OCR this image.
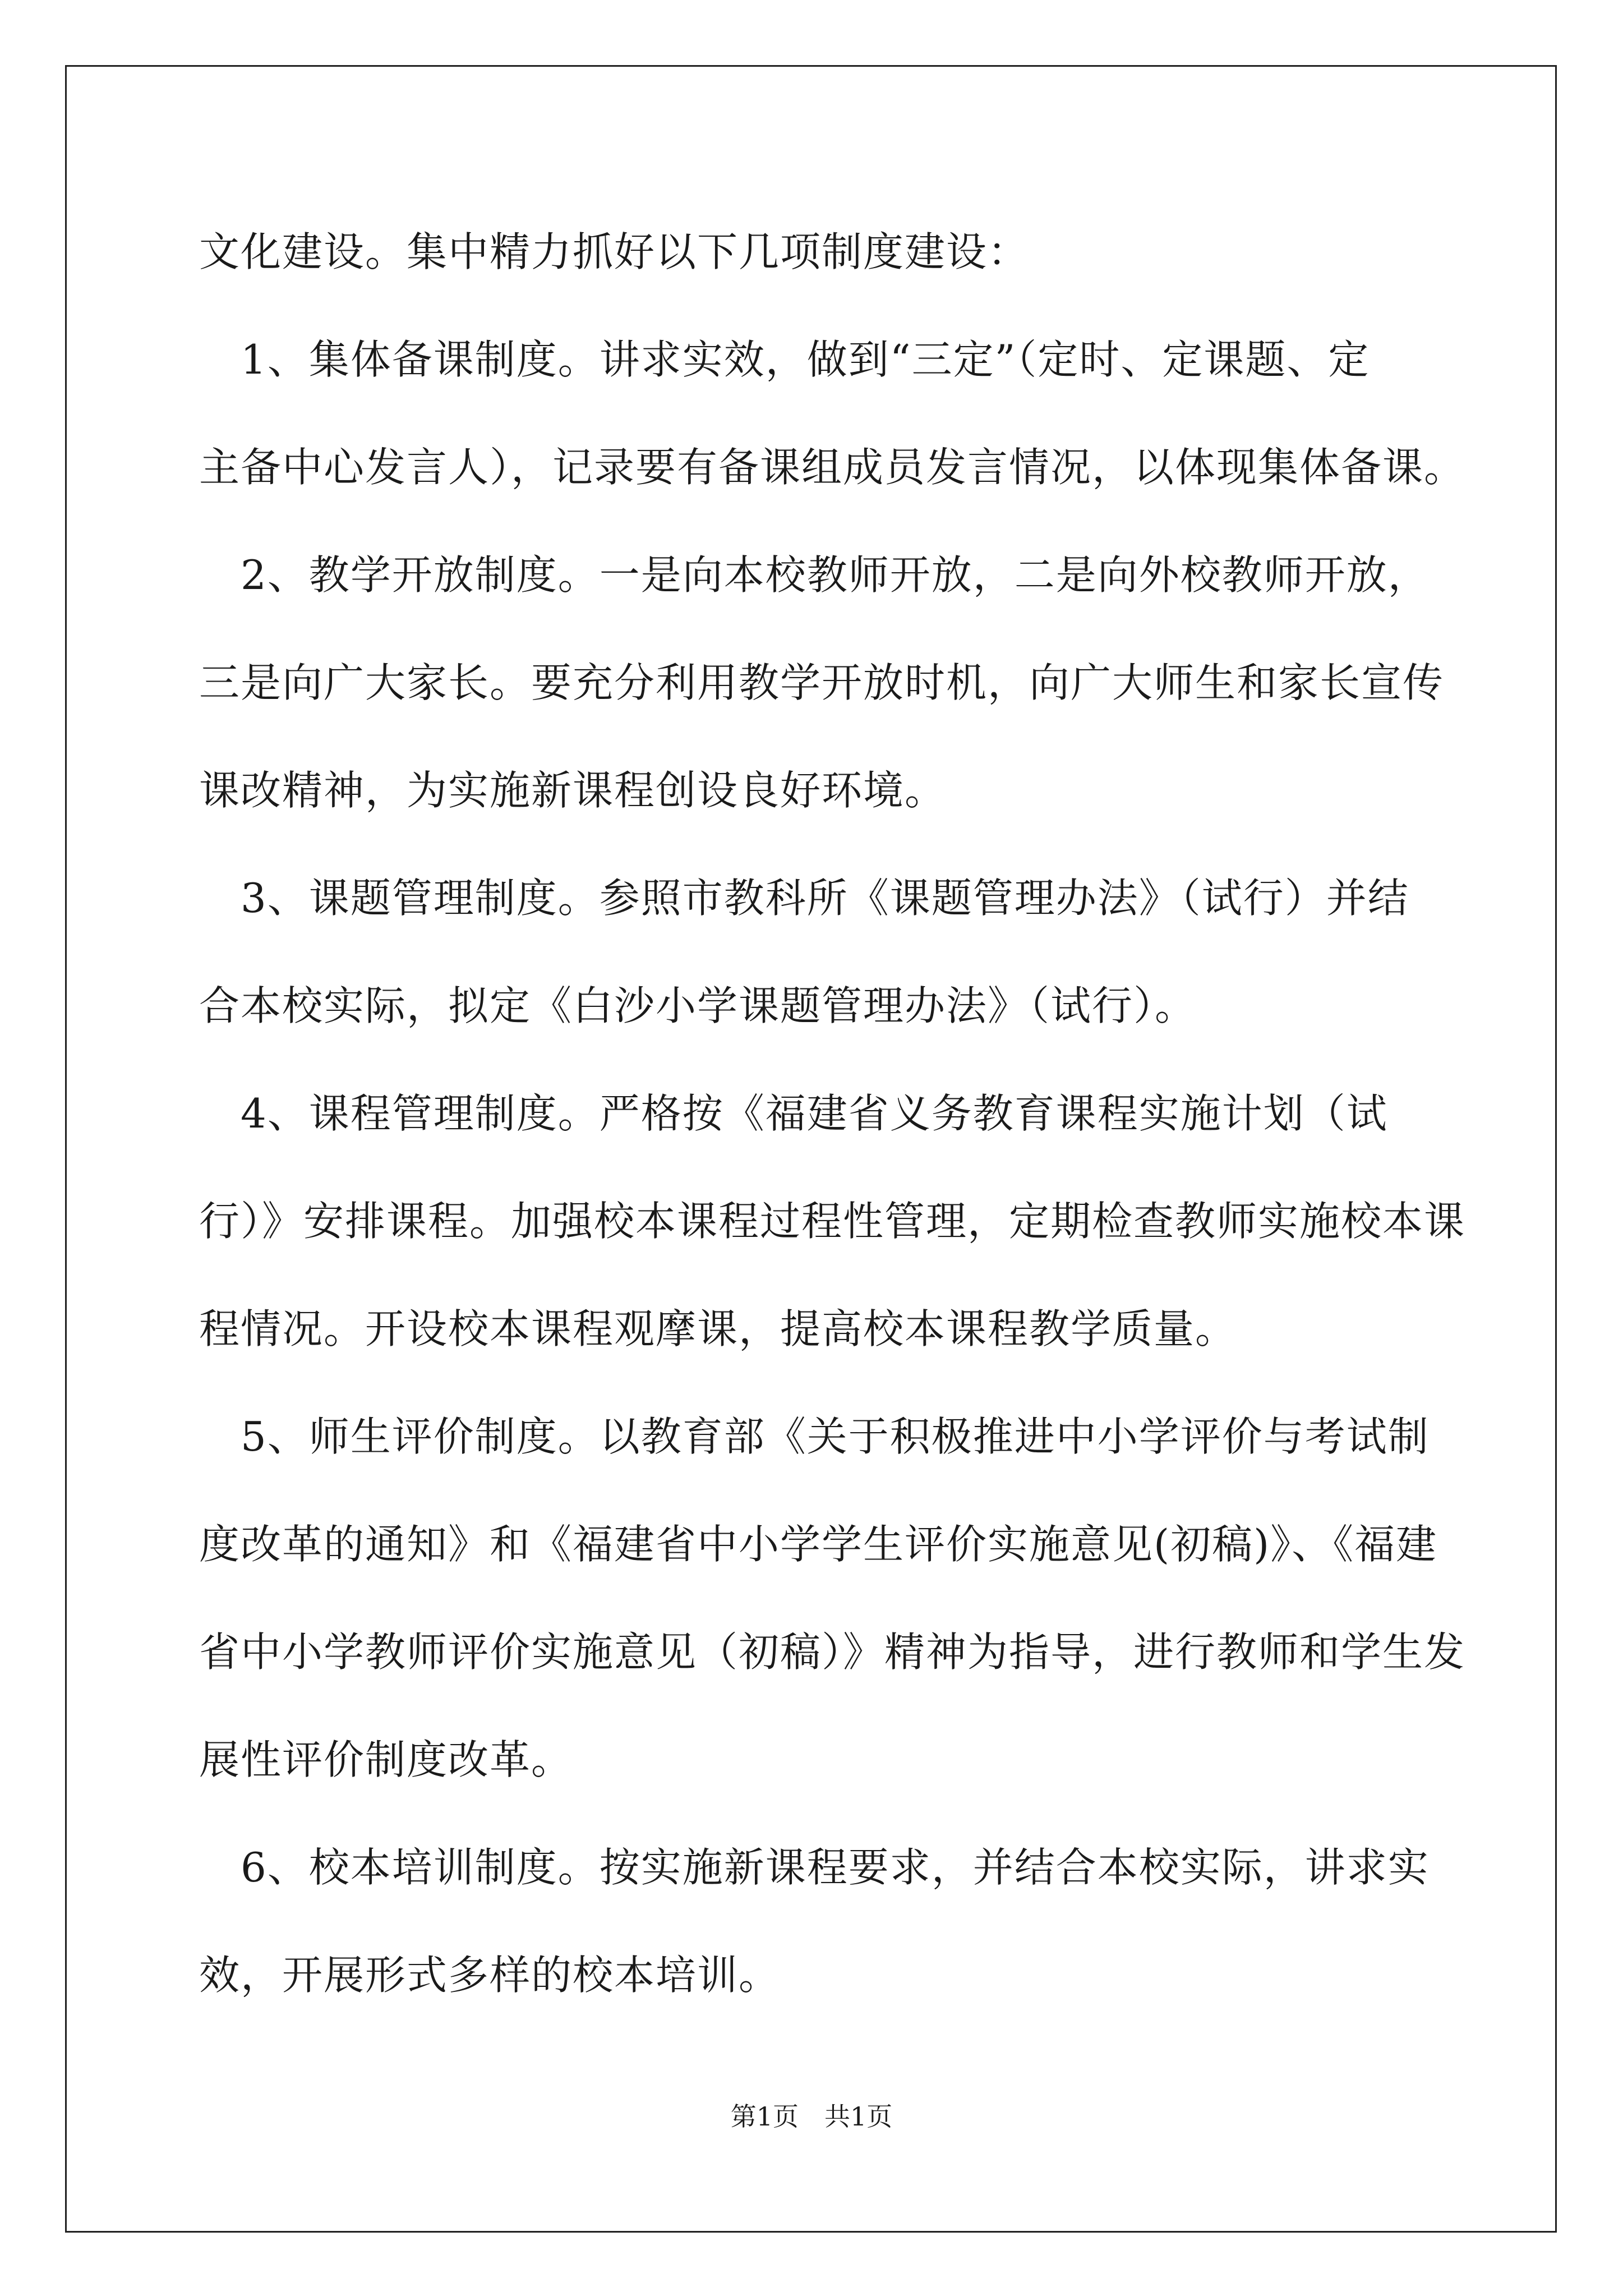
文化建设。集中精力抓好以下几项制度建设：
　1、集体备课制度。讲求实效，做到“三定”（定时、定课题、定
主备中心发言人），记录要有备课组成员发言情况，以体现集体备课。
　2、教学开放制度。一是向本校教师开放，二是向外校教师开放，
三是向广大家长。要充分利用教学开放时机，向广大师生和家长宣传
课改精神，为实施新课程创设良好环境。
　3、课题管理制度。参照市教科所《课题管理办法》（试行）并结
合本校实际，拟定《白沙小学课题管理办法》（试行）。
　4、课程管理制度。严格按《福建省义务教育课程实施计划（试
行）》安排课程。加强校本课程过程性管理，定期检查教师实施校本课
程情况。开设校本课程观摩课，提高校本课程教学质量。
　5、师生评价制度。以教育部《关于积极推进中小学评价与考试制
度改革的通知》和《福建省中小学学生评价实施意见(初稿)》、《福建
省中小学教师评价实施意见（初稿）》精神为指导，进行教师和学生发
展性评价制度改革。
　6、校本培训制度。按实施新课程要求，并结合本校实际，讲求实
效，开展形式多样的校本培训。
第1页　共1页
